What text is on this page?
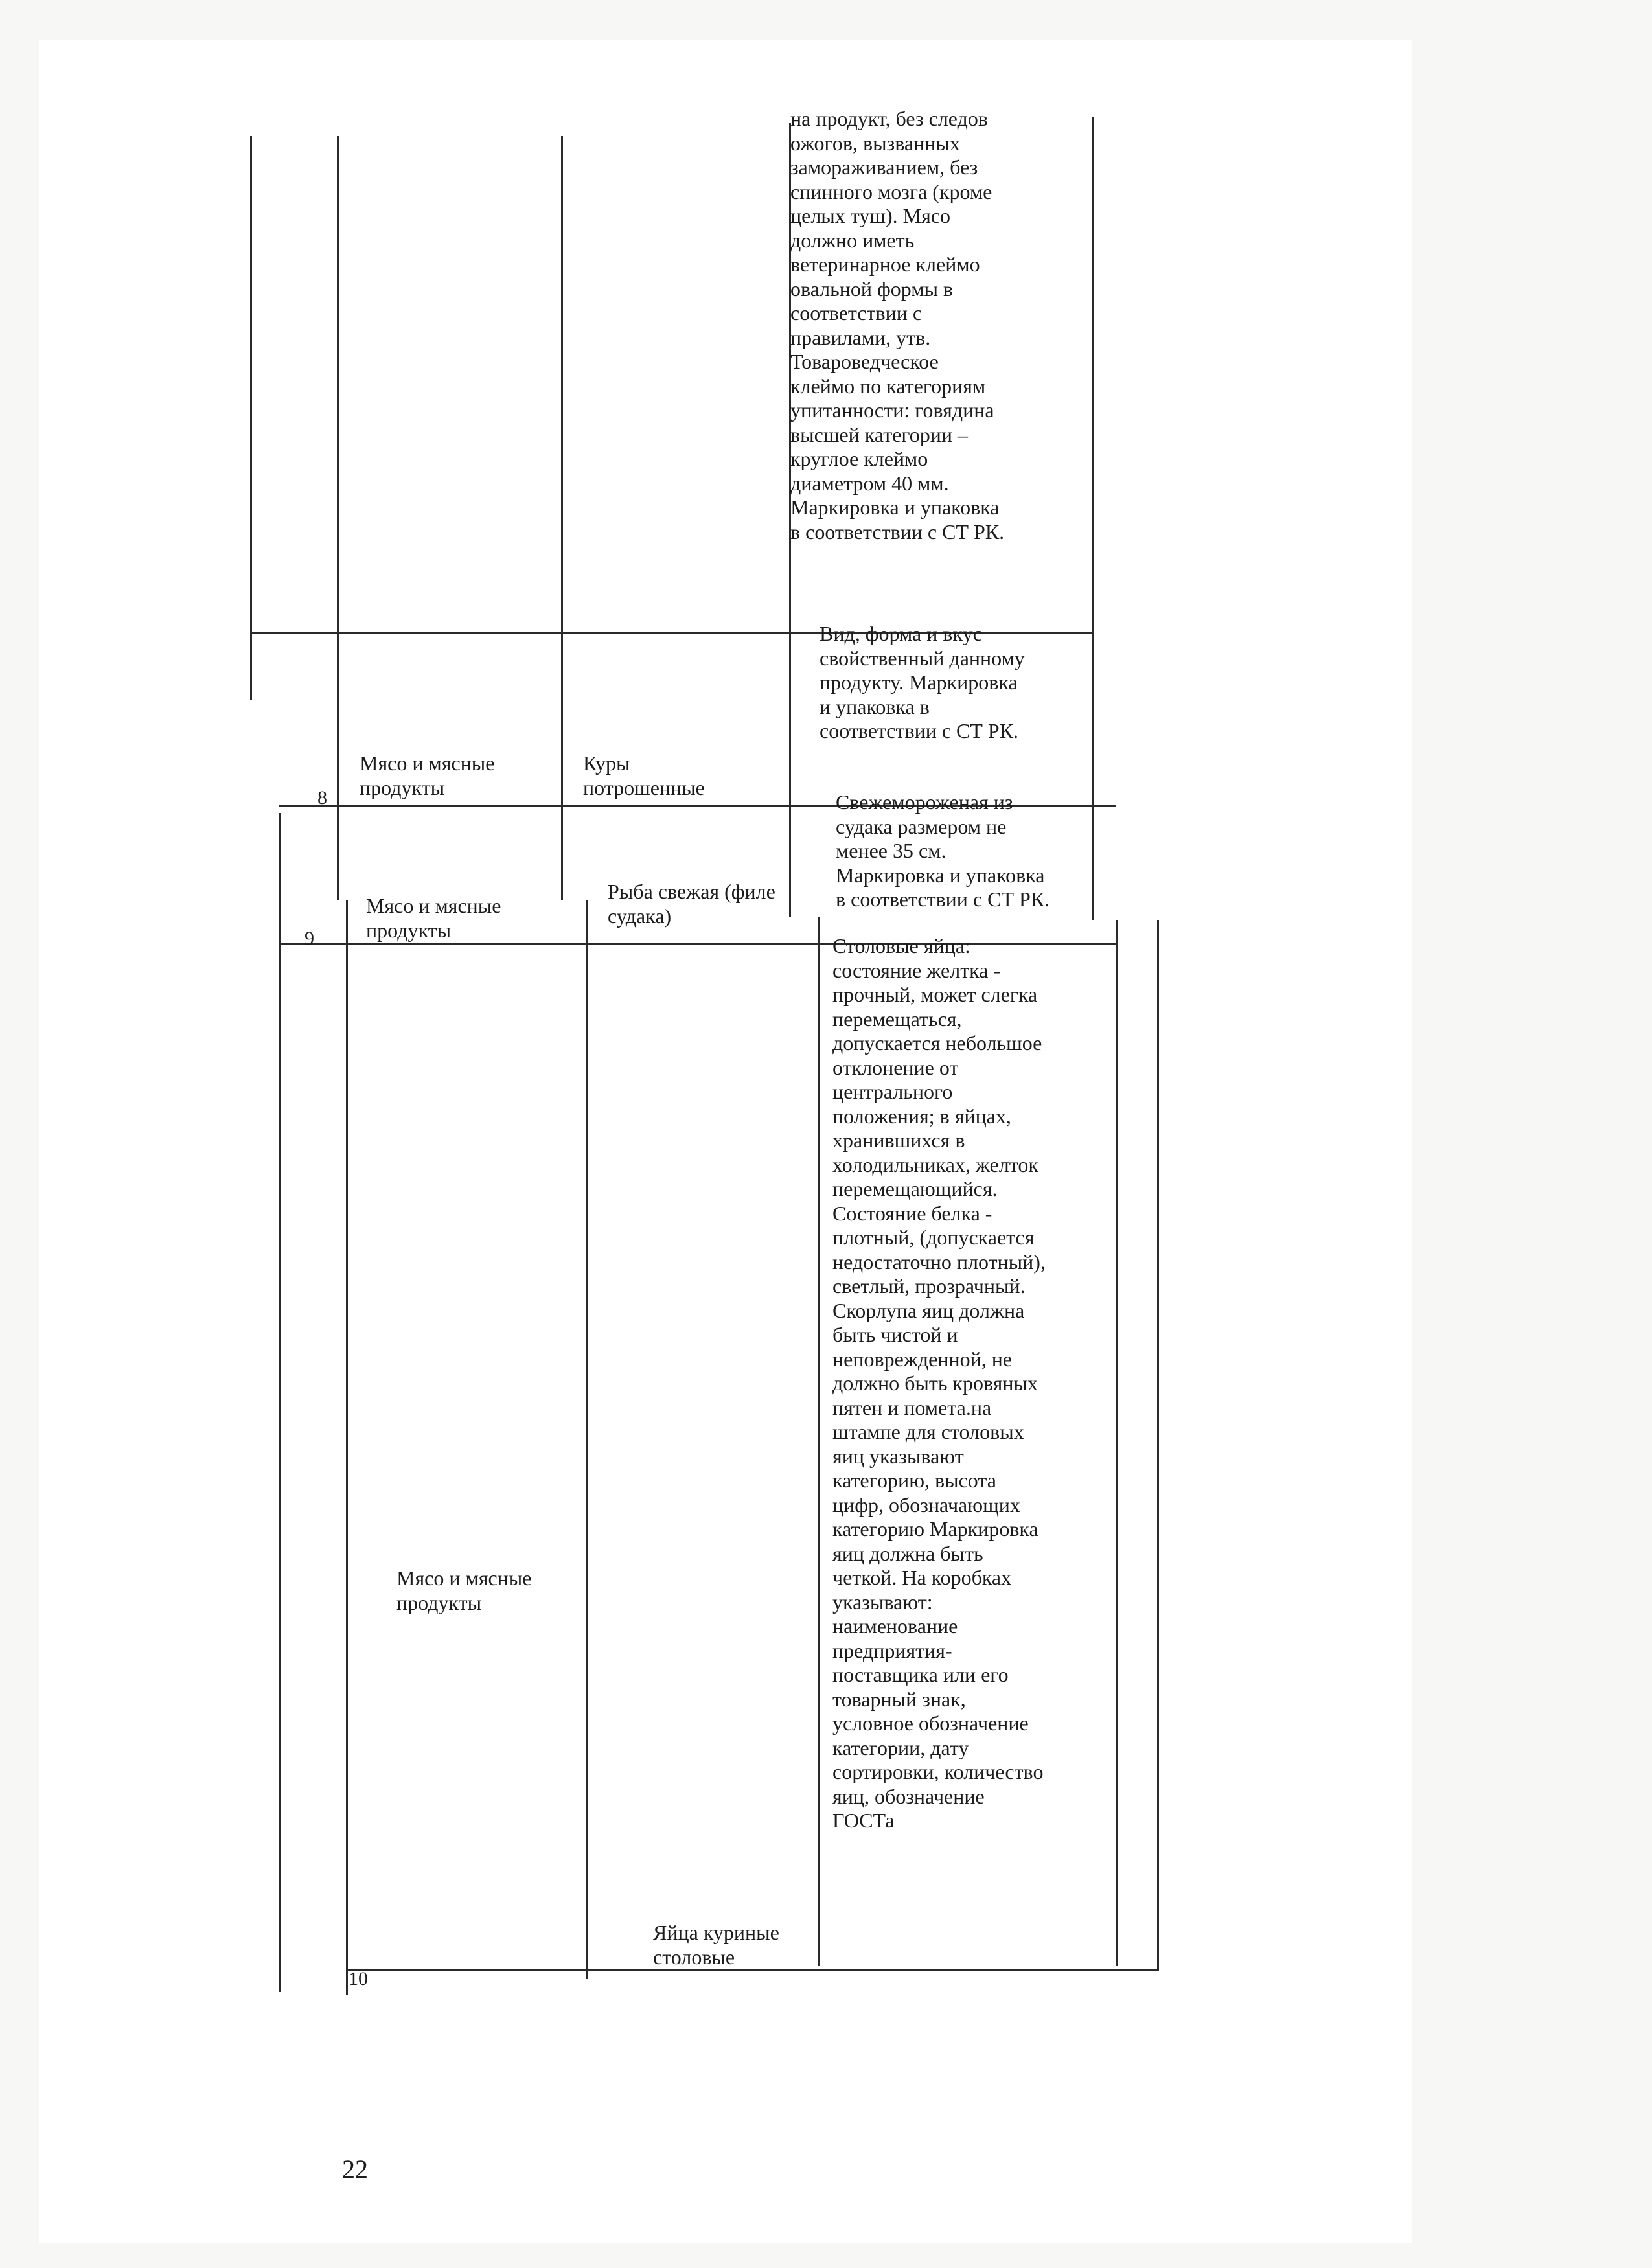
на продукт, без следов
ожогов, вызванных
замораживанием, без
спинного мозга (кроме
целых туш). Мясо
должно иметь
ветеринарное клеймо
овальной формы в
соответствии с
правилами, утв.
Товароведческое
клеймо по категориям
упитанности: говядина
высшей категории –
круглое клеймо
диаметром 40 мм.
Маркировка и упаковка
в соответствии с СТ РК.

8

Мясо и мясные
продукты

Куры
потрошенные

Вид, форма и вкус
свойственный данному
продукту. Маркировка
и упаковка в
соответствии с СТ РК.

9

Мясо и мясные
продукты

Рыба свежая (филе
судака)

Свежемороженая из
судака размером не
менее 35 см.
Маркировка и упаковка
в соответствии с СТ РК.

10

Мясо и мясные
продукты

Яйца куриные
столовые

Столовые яйца:
состояние желтка -
прочный, может слегка
перемещаться,
допускается небольшое
отклонение от
центрального
положения; в яйцах,
хранившихся в
холодильниках, желток
перемещающийся.
Состояние белка -
плотный, (допускается
недостаточно плотный),
светлый, прозрачный.
Скорлупа яиц должна
быть чистой и
неповрежденной, не
должно быть кровяных
пятен и помета.на
штампе для столовых
яиц указывают
категорию, высота
цифр, обозначающих
категорию Маркировка
яиц должна быть
четкой. На коробках
указывают:
наименование
предприятия-
поставщика или его
товарный знак,
условное обозначение
категории, дату
сортировки, количество
яиц, обозначение
ГОСТа

22
